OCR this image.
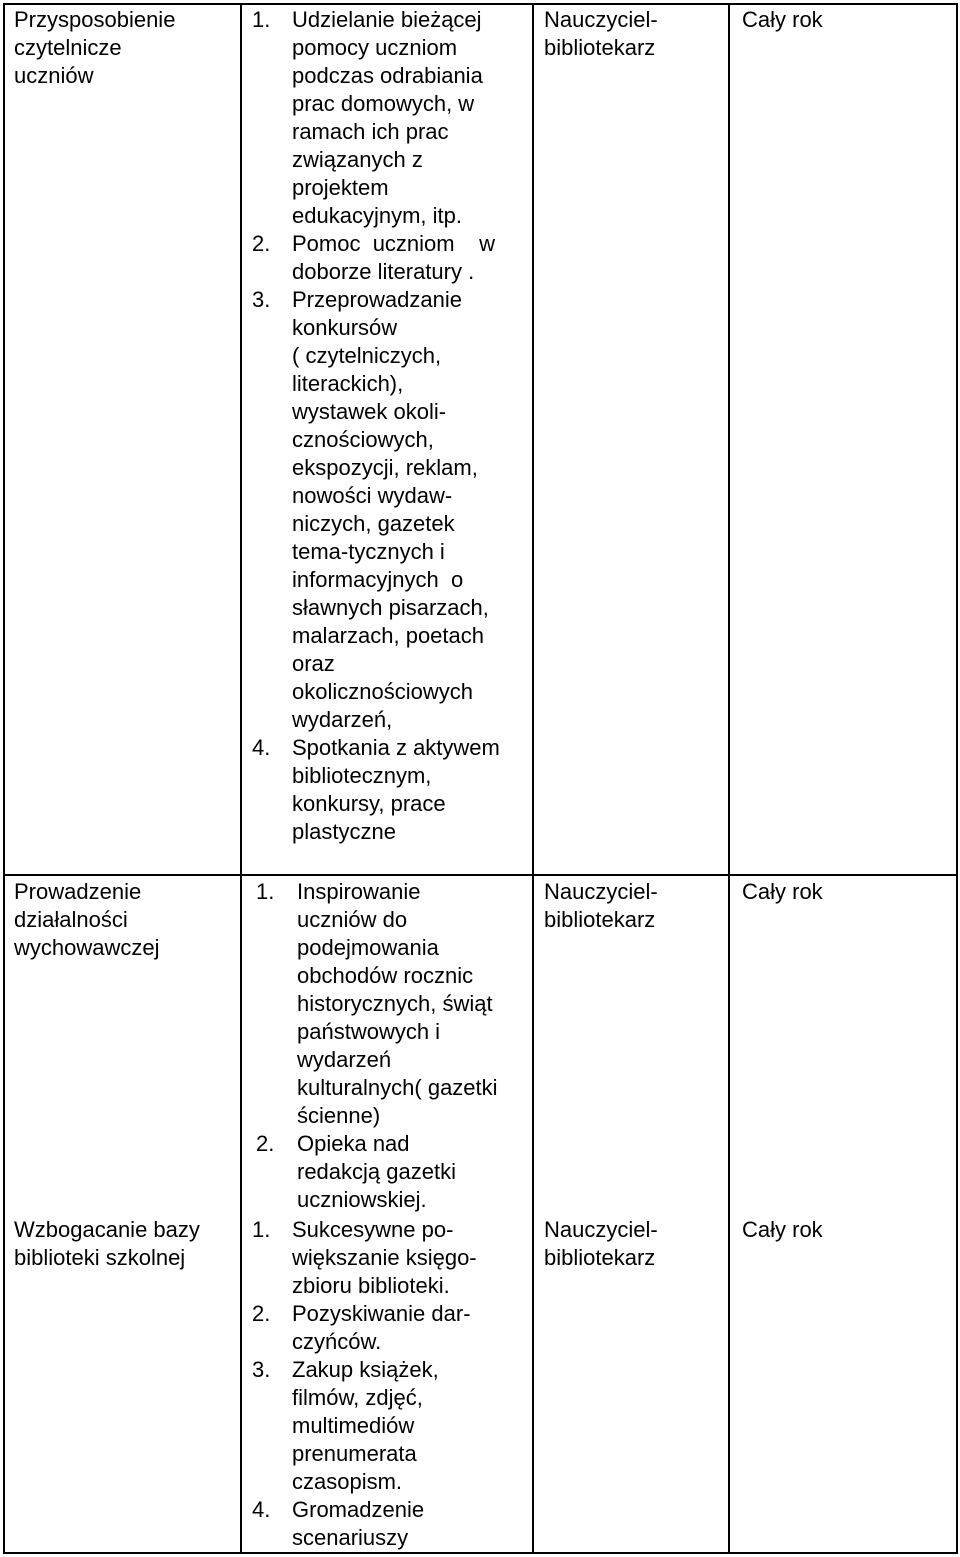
Przysposobienie
czytelnicze
uczniów
1. Udzielanie bieżącej
pomocy uczniom
podczas odrabiania
prac domowych, w
ramach ich prac
związanych z
projektem
edukacyjnym, itp.
2. Pomoc  uczniom    w
doborze literatury .
3. Przeprowadzanie
konkursów
( czytelniczych,
literackich),
wystawek okoli-
cznościowych,
ekspozycji, reklam,
nowości wydaw-
niczych, gazetek
tema-tycznych i
informacyjnych  o
sławnych pisarzach,
malarzach, poetach
oraz
okolicznościowych
wydarzeń,
4. Spotkania z aktywem
bibliotecznym,
konkursy, prace
plastyczne
Nauczyciel-
bibliotekarz
Cały rok
Prowadzenie
działalności
wychowawczej
1. Inspirowanie
uczniów do
podejmowania
obchodów rocznic
historycznych, świąt
państwowych i
wydarzeń
kulturalnych( gazetki
ścienne)
2. Opieka nad
redakcją gazetki
uczniowskiej.
Nauczyciel-
bibliotekarz
Cały rok
Wzbogacanie bazy
biblioteki szkolnej
1. Sukcesywne po-
większanie księgo-
zbioru biblioteki.
2. Pozyskiwanie dar-
czyńców.
3. Zakup książek,
filmów, zdjęć,
multimediów
prenumerata
czasopism.
4. Gromadzenie
scenariuszy
Nauczyciel-
bibliotekarz
Cały rok
